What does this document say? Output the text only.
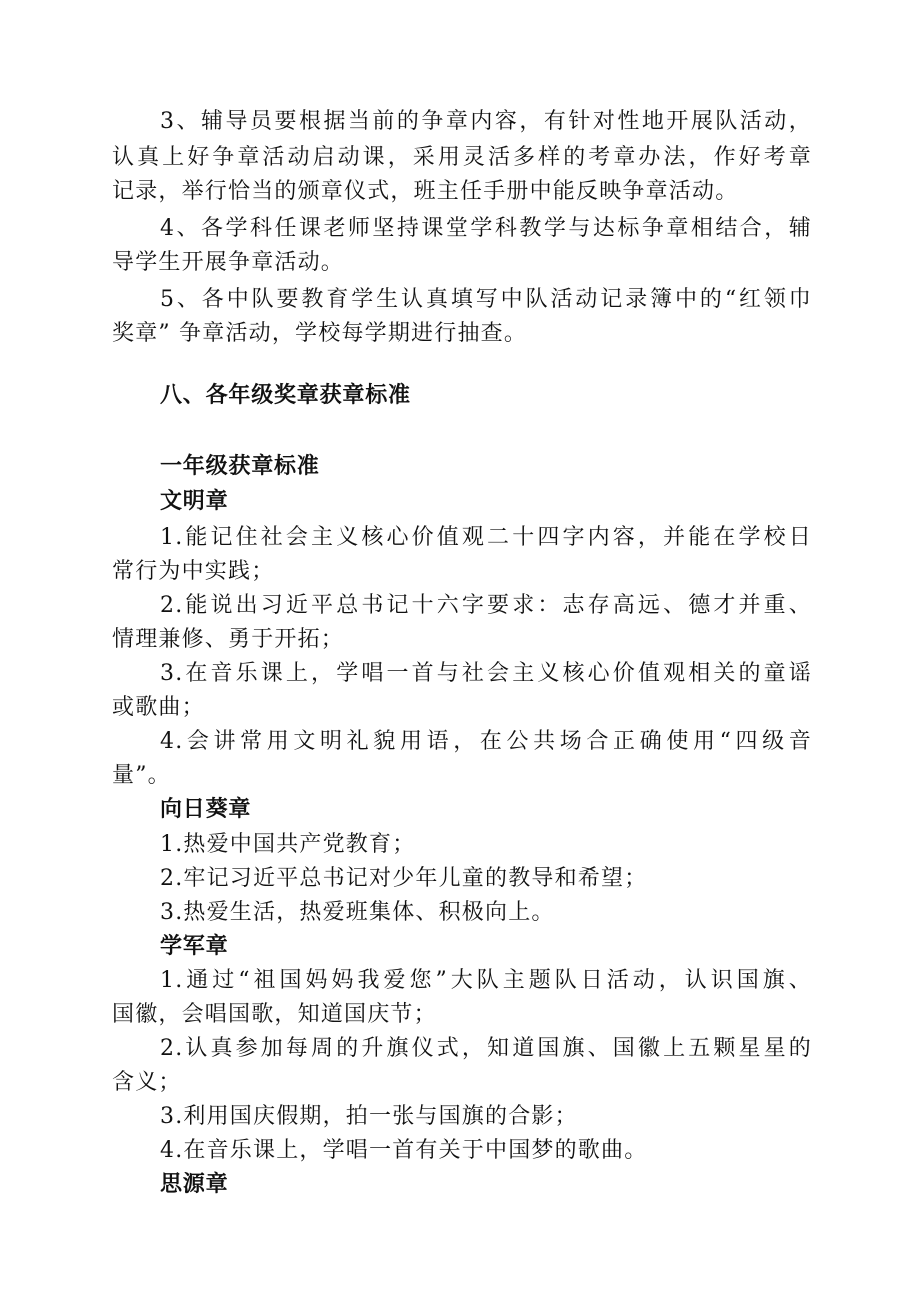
3、辅导员要根据当前的争章内容，有针对性地开展队活动，
认真上好争章活动启动课，采用灵活多样的考章办法，作好考章
记录，举行恰当的颁章仪式，班主任手册中能反映争章活动。
4、各学科任课老师坚持课堂学科教学与达标争章相结合，辅
导学生开展争章活动。
5、各中队要教育学生认真填写中队活动记录簿中的“红领巾
奖章” 争章活动，学校每学期进行抽查。
八、各年级奖章获章标准
一年级获章标准
文明章
1.能记住社会主义核心价值观二十四字内容，并能在学校日
常行为中实践；
2.能说出习近平总书记十六字要求：志存高远、德才并重、
情理兼修、勇于开拓；
3.在音乐课上，学唱一首与社会主义核心价值观相关的童谣
或歌曲；
4.会讲常用文明礼貌用语，在公共场合正确使用“四级音
量”。
向日葵章
1.热爱中国共产党教育；
2.牢记习近平总书记对少年儿童的教导和希望；
3.热爱生活，热爱班集体、积极向上。
学军章
1.通过“祖国妈妈我爱您”大队主题队日活动，认识国旗、
国徽，会唱国歌，知道国庆节；
2.认真参加每周的升旗仪式，知道国旗、国徽上五颗星星的
含义；
3.利用国庆假期，拍一张与国旗的合影；
4.在音乐课上，学唱一首有关于中国梦的歌曲。
思源章
